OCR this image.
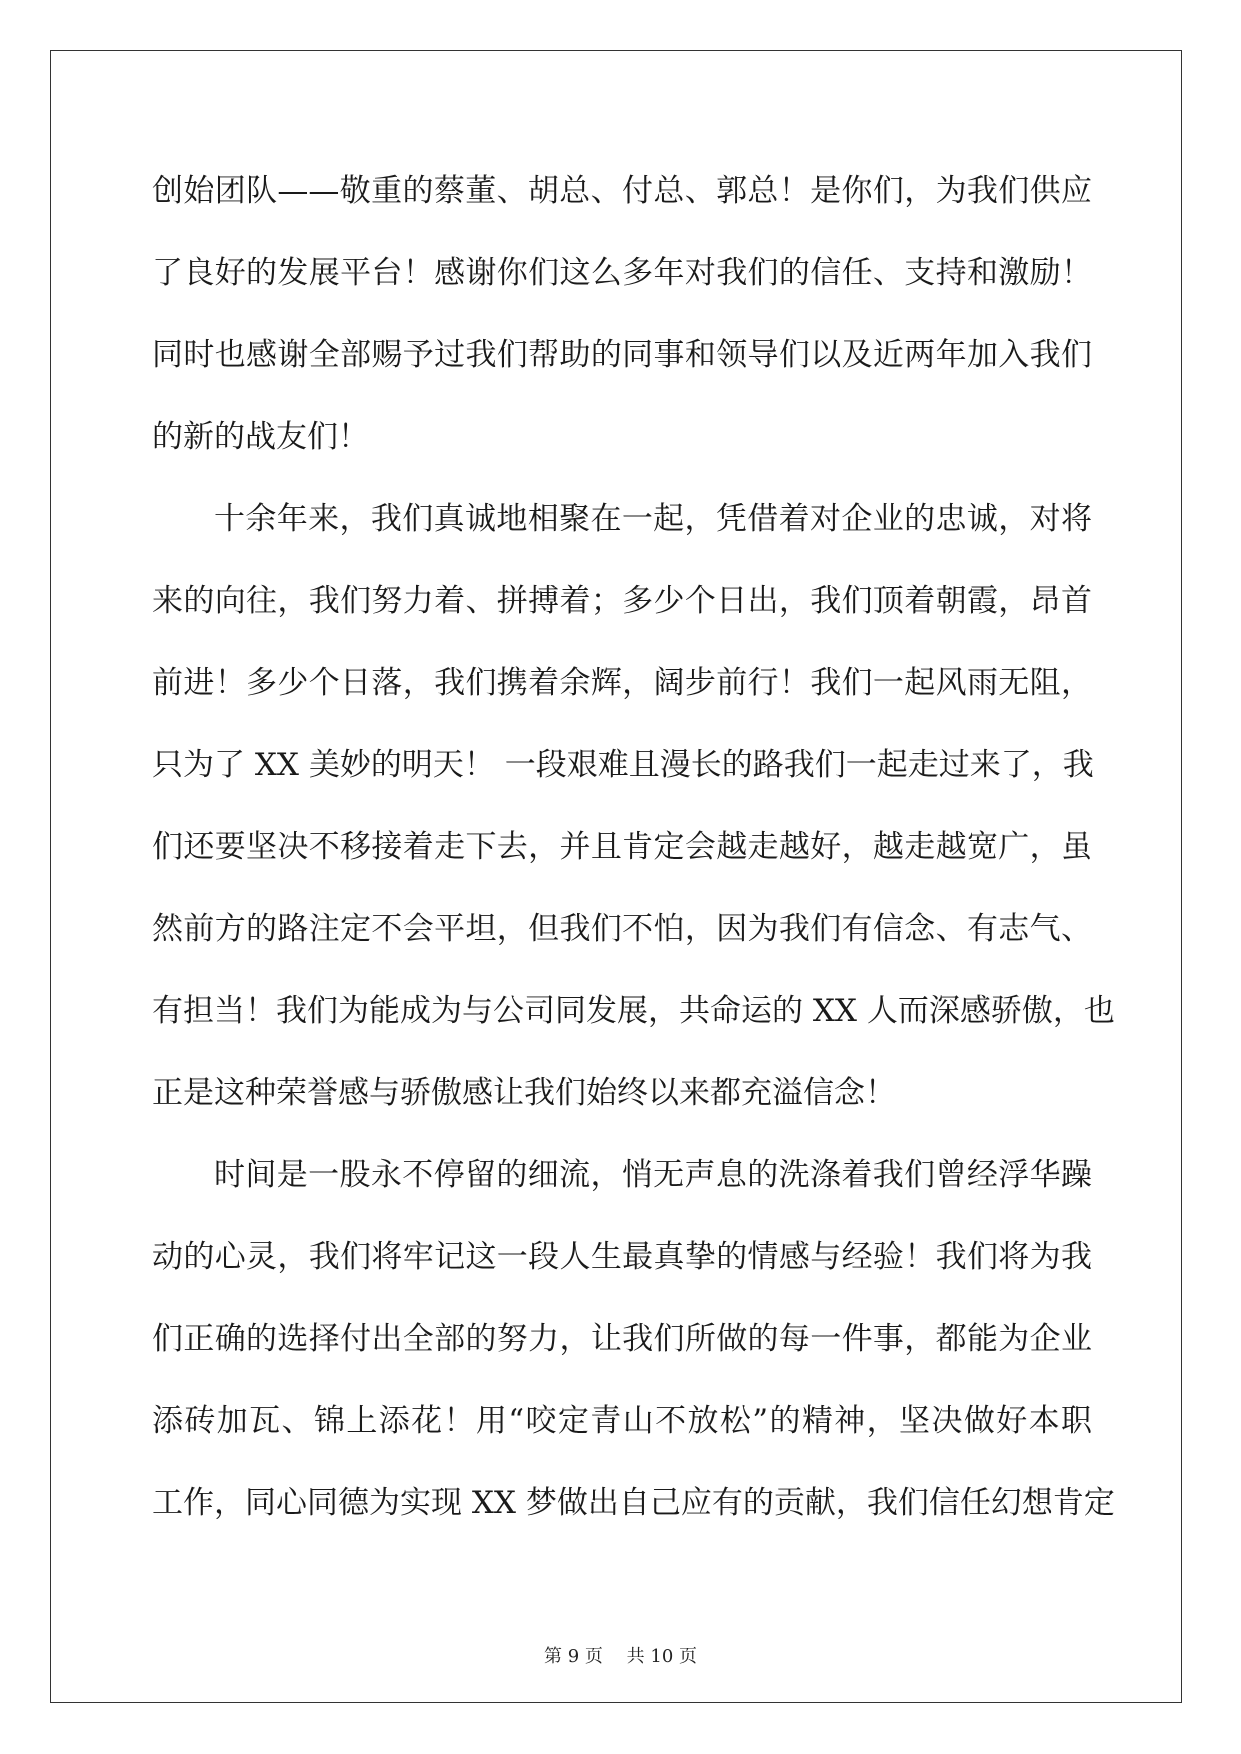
创始团队——敬重的蔡董、胡总、付总、郭总！是你们，为我们供应
了良好的发展平台！感谢你们这么多年对我们的信任、支持和激励！
同时也感谢全部赐予过我们帮助的同事和领导们以及近两年加入我们
的新的战友们！
十余年来，我们真诚地相聚在一起，凭借着对企业的忠诚，对将
来的向往，我们努力着、拼搏着；多少个日出，我们顶着朝霞，昂首
前进！多少个日落，我们携着余辉，阔步前行！我们一起风雨无阻，
只为了 XX 美妙的明天！ 一段艰难且漫长的路我们一起走过来了，我
们还要坚决不移接着走下去，并且肯定会越走越好，越走越宽广，虽
然前方的路注定不会平坦，但我们不怕，因为我们有信念、有志气、
有担当！我们为能成为与公司同发展，共命运的 XX 人而深感骄傲，也
正是这种荣誉感与骄傲感让我们始终以来都充溢信念！
时间是一股永不停留的细流，悄无声息的洗涤着我们曾经浮华躁
动的心灵，我们将牢记这一段人生最真挚的情感与经验！我们将为我
们正确的选择付出全部的努力，让我们所做的每一件事，都能为企业
添砖加瓦、锦上添花！用“咬定青山不放松”的精神，坚决做好本职
工作，同心同德为实现 XX 梦做出自己应有的贡献，我们信任幻想肯定
第 9 页 共 10 页
